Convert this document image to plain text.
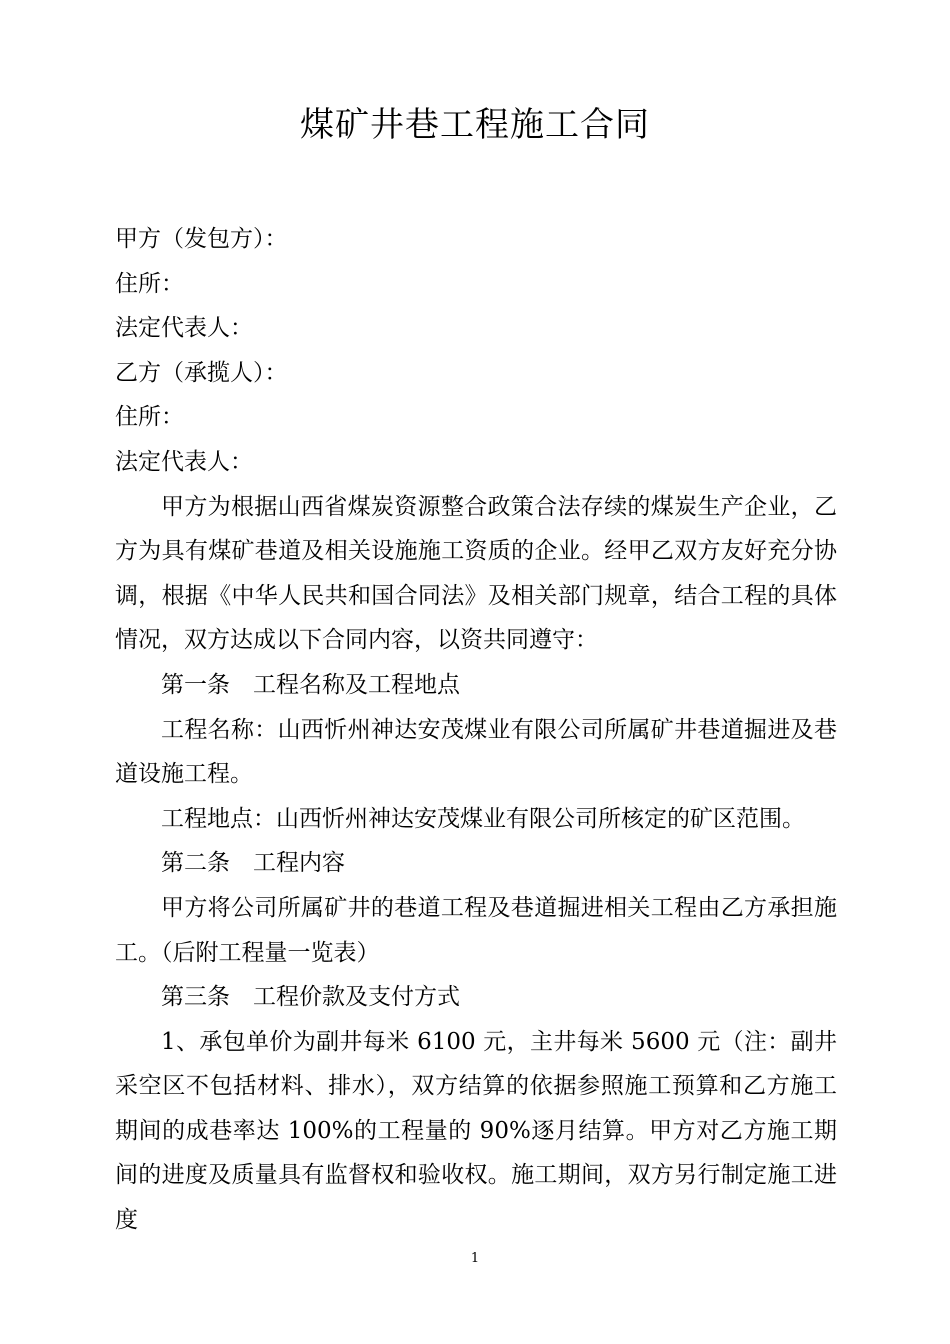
煤矿井巷工程施工合同

甲方（发包方）：

住所：

法定代表人：

乙方（承揽人）：

住所：

法定代表人：

甲方为根据山西省煤炭资源整合政策合法存续的煤炭生产企业，乙方为具有煤矿巷道及相关设施施工资质的企业。经甲乙双方友好充分协调，根据《中华人民共和国合同法》及相关部门规章，结合工程的具体情况，双方达成以下合同内容，以资共同遵守：

第一条　工程名称及工程地点

工程名称：山西忻州神达安茂煤业有限公司所属矿井巷道掘进及巷道设施工程。

工程地点：山西忻州神达安茂煤业有限公司所核定的矿区范围。

第二条　工程内容

甲方将公司所属矿井的巷道工程及巷道掘进相关工程由乙方承担施工。（后附工程量一览表）

第三条　工程价款及支付方式

1、承包单价为副井每米 6100 元，主井每米 5600 元（注：副井采空区不包括材料、排水），双方结算的依据参照施工预算和乙方施工期间的成巷率达 100%的工程量的 90%逐月结算。甲方对乙方施工期间的进度及质量具有监督权和验收权。施工期间，双方另行制定施工进度

1
